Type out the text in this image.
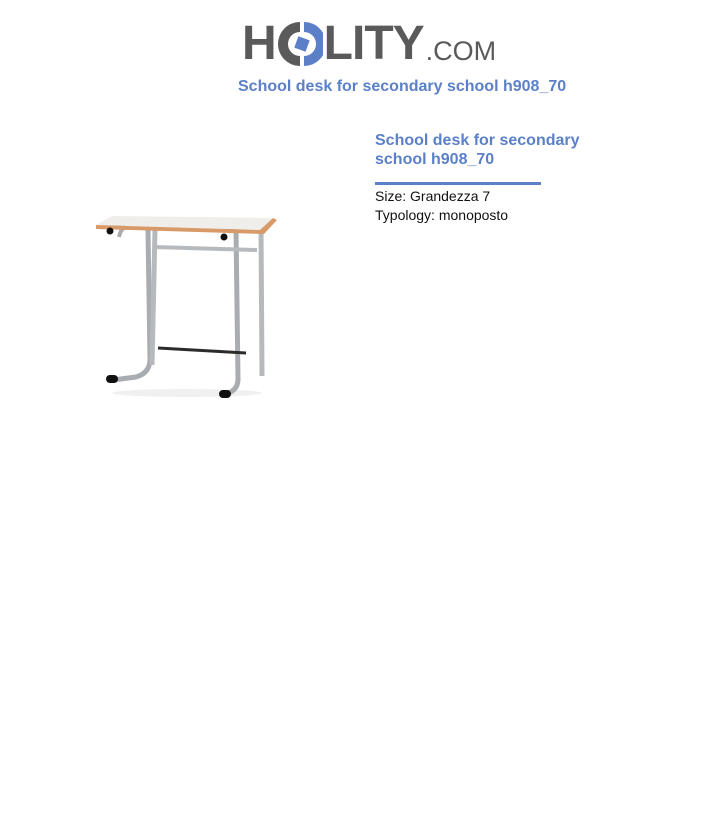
H LITY .COM
School desk for secondary school h908_70
School desk for secondary school h908_70
Size: Grandezza 7
Typology: monoposto
